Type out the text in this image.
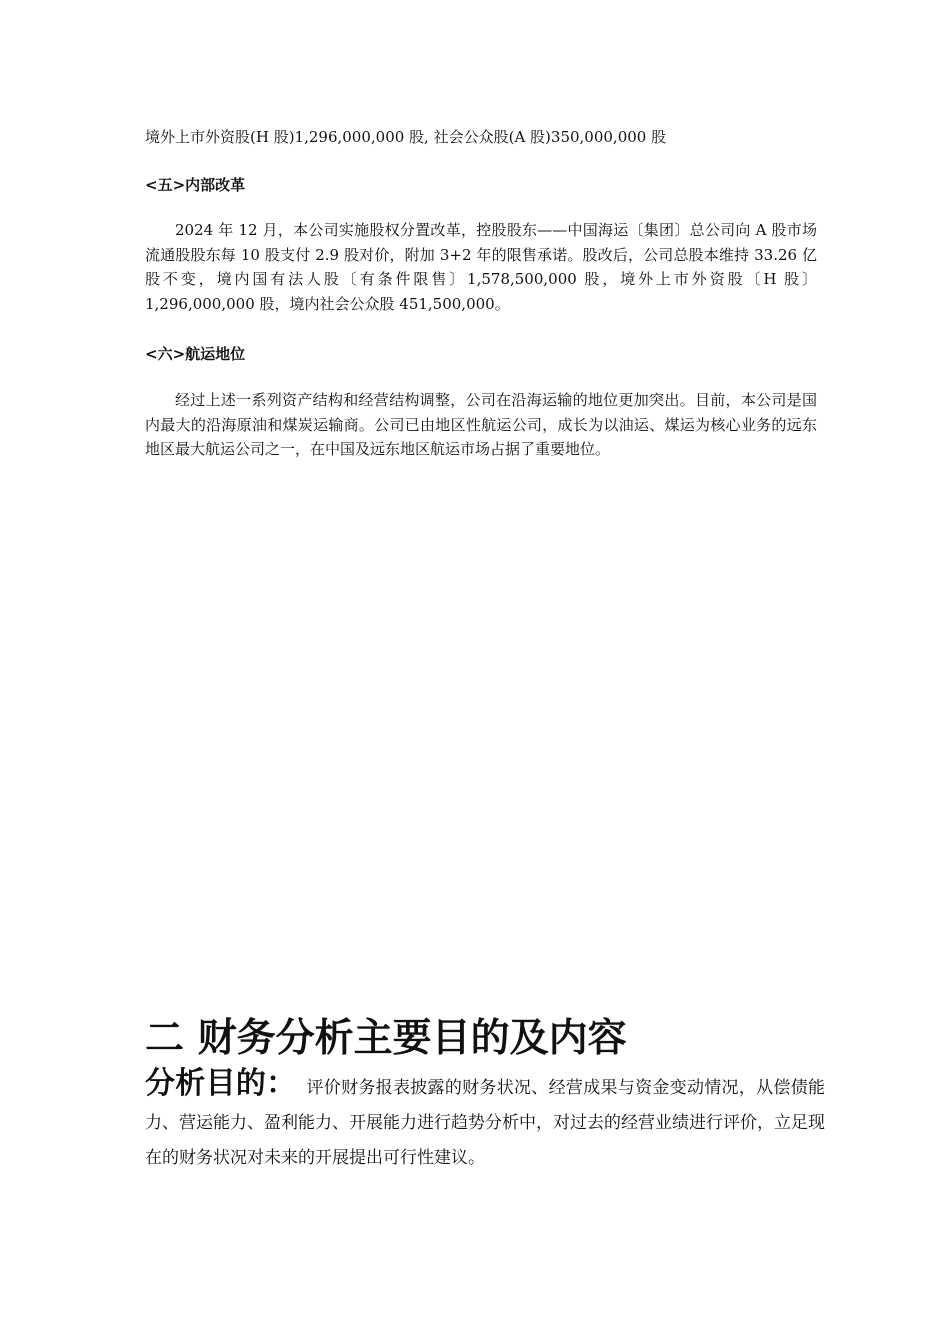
境外上市外资股(H 股)1,296,000,000 股, 社会公众股(A 股)350,000,000 股
<五>内部改革

2024 年 12 月，本公司实施股权分置改革，控股股东——中国海运〔集团〕总公司向 A 股市场流通股股东每 10 股支付 2.9 股对价，附加 3+2 年的限售承诺。股改后，公司总股本维持 33.26 亿股不变，境内国有法人股〔有条件限售〕1,578,500,000 股，境外上市外资股〔H 股〕1,296,000,000 股，境内社会公众股 451,500,000。

<六>航运地位

经过上述一系列资产结构和经营结构调整，公司在沿海运输的地位更加突出。目前，本公司是国内最大的沿海原油和煤炭运输商。公司已由地区性航运公司，成长为以油运、煤运为核心业务的远东地区最大航运公司之一，在中国及远东地区航运市场占据了重要地位。

二 财务分析主要目的及内容

分析目的： 评价财务报表披露的财务状况、经营成果与资金变动情况，从偿债能力、营运能力、盈利能力、开展能力进行趋势分析中，对过去的经营业绩进行评价，立足现在的财务状况对未来的开展提出可行性建议。
